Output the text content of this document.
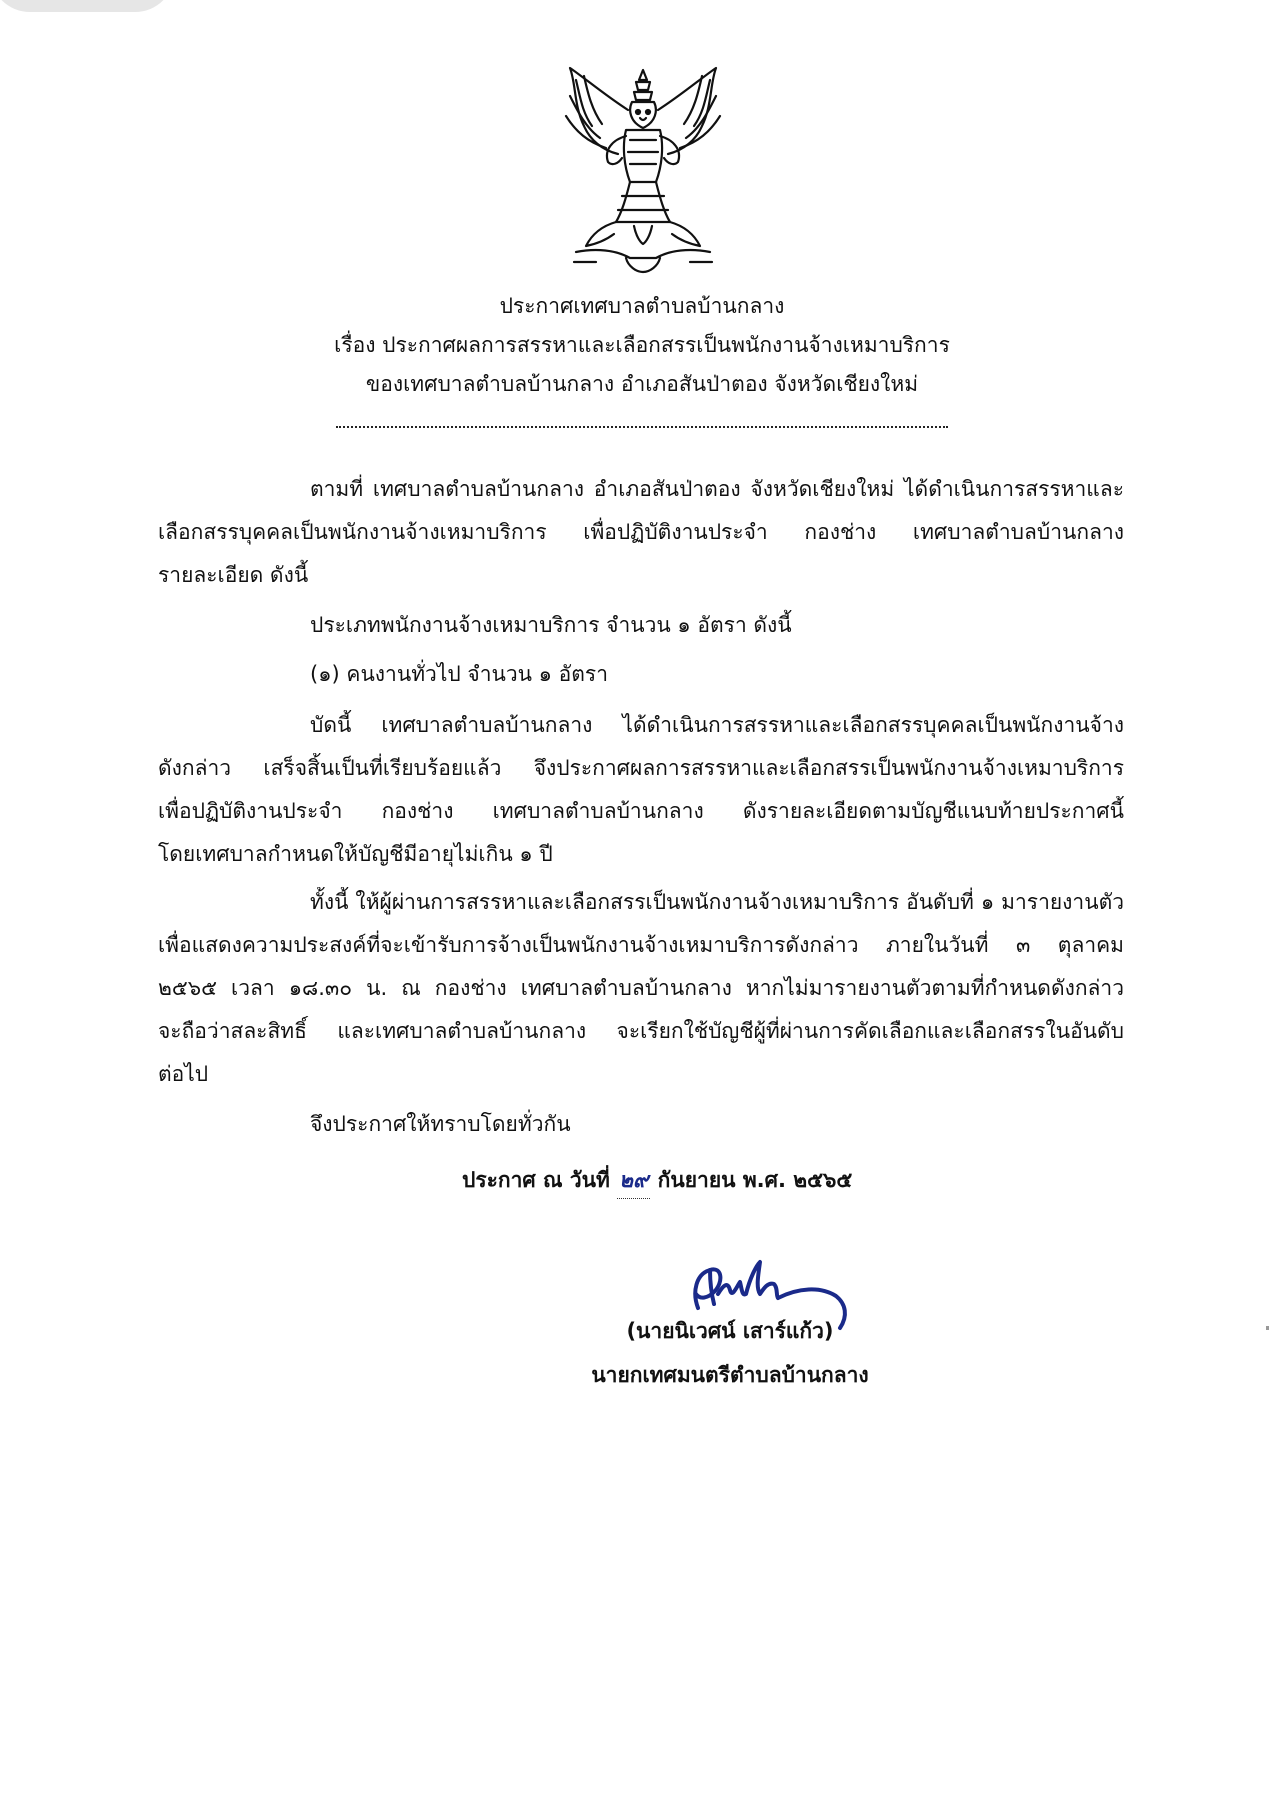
ประกาศเทศบาลตำบลบ้านกลาง
เรื่อง ประกาศผลการสรรหาและเลือกสรรเป็นพนักงานจ้างเหมาบริการ
ของเทศบาลตำบลบ้านกลาง อำเภอสันป่าตอง จังหวัดเชียงใหม่
ตามที่ เทศบาลตำบลบ้านกลาง อำเภอสันป่าตอง จังหวัดเชียงใหม่ ได้ดำเนินการสรรหาและ
เลือกสรรบุคคลเป็นพนักงานจ้างเหมาบริการ เพื่อปฏิบัติงานประจำ กองช่าง เทศบาลตำบลบ้านกลาง
รายละเอียด ดังนี้
ประเภทพนักงานจ้างเหมาบริการ จำนวน ๑ อัตรา ดังนี้
(๑) คนงานทั่วไป จำนวน ๑ อัตรา
บัดนี้ เทศบาลตำบลบ้านกลาง ได้ดำเนินการสรรหาและเลือกสรรบุคคลเป็นพนักงานจ้าง
ดังกล่าว เสร็จสิ้นเป็นที่เรียบร้อยแล้ว จึงประกาศผลการสรรหาและเลือกสรรเป็นพนักงานจ้างเหมาบริการ
เพื่อปฏิบัติงานประจำ กองช่าง เทศบาลตำบลบ้านกลาง ดังรายละเอียดตามบัญชีแนบท้ายประกาศนี้
โดยเทศบาลกำหนดให้บัญชีมีอายุไม่เกิน ๑ ปี
ทั้งนี้ ให้ผู้ผ่านการสรรหาและเลือกสรรเป็นพนักงานจ้างเหมาบริการ อันดับที่ ๑ มารายงานตัว
เพื่อแสดงความประสงค์ที่จะเข้ารับการจ้างเป็นพนักงานจ้างเหมาบริการดังกล่าว ภายในวันที่ ๓ ตุลาคม
๒๕๖๕ เวลา ๑๘.๓๐ น. ณ กองช่าง เทศบาลตำบลบ้านกลาง หากไม่มารายงานตัวตามที่กำหนดดังกล่าว
จะถือว่าสละสิทธิ์ และเทศบาลตำบลบ้านกลาง จะเรียกใช้บัญชีผู้ที่ผ่านการคัดเลือกและเลือกสรรในอันดับ
ต่อไป
จึงประกาศให้ทราบโดยทั่วกัน
ประกาศ ณ วันที่ ๒๙ กันยายน พ.ศ. ๒๕๖๕
(นายนิเวศน์ เสาร์แก้ว)
นายกเทศมนตรีตำบลบ้านกลาง
